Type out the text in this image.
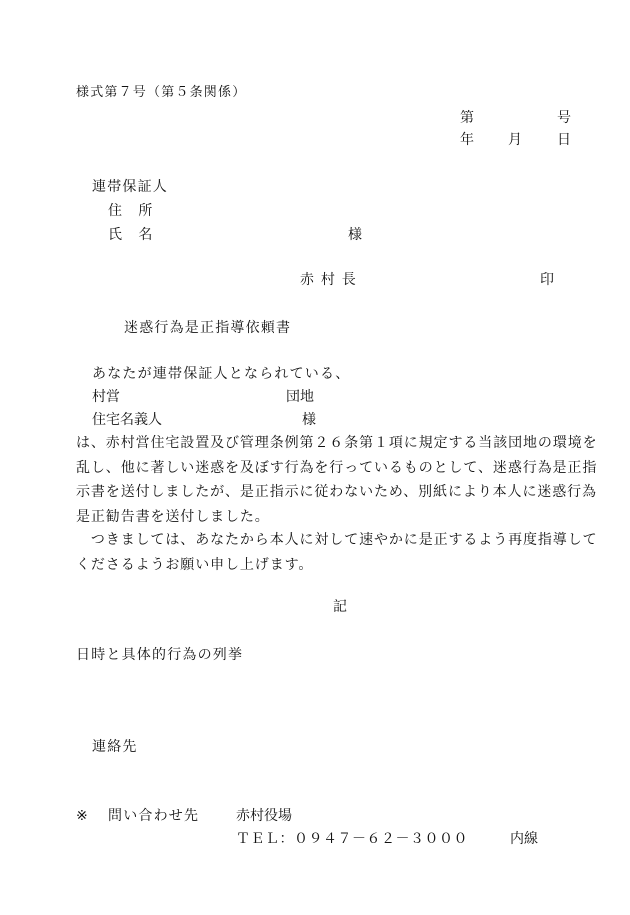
様式第７号（第５条関係）
第	号
年 月	日
連帯保証人
住　所
氏　名	様
赤 村 長	印
迷惑行為是正指導依頼書
あなたが連帯保証人となられている、
村営	団地
住宅名義人	様
は、赤村営住宅設置及び管理条例第２６条第１項に規定する当該団地の環境を乱し、他に著しい迷惑を及ぼす行為を行っているものとして、迷惑行為是正指示書を送付しましたが、是正指示に従わないため、別紙により本人に迷惑行為是正勧告書を送付しました。
　つきましては、あなたから本人に対して速やかに是正するよう再度指導してくださるようお願い申し上げます。
記
日時と具体的行為の列挙
連絡先
※ 問い合わせ先	赤村役場
ＴＥＬ：０９４７－６２－３０００	内線
